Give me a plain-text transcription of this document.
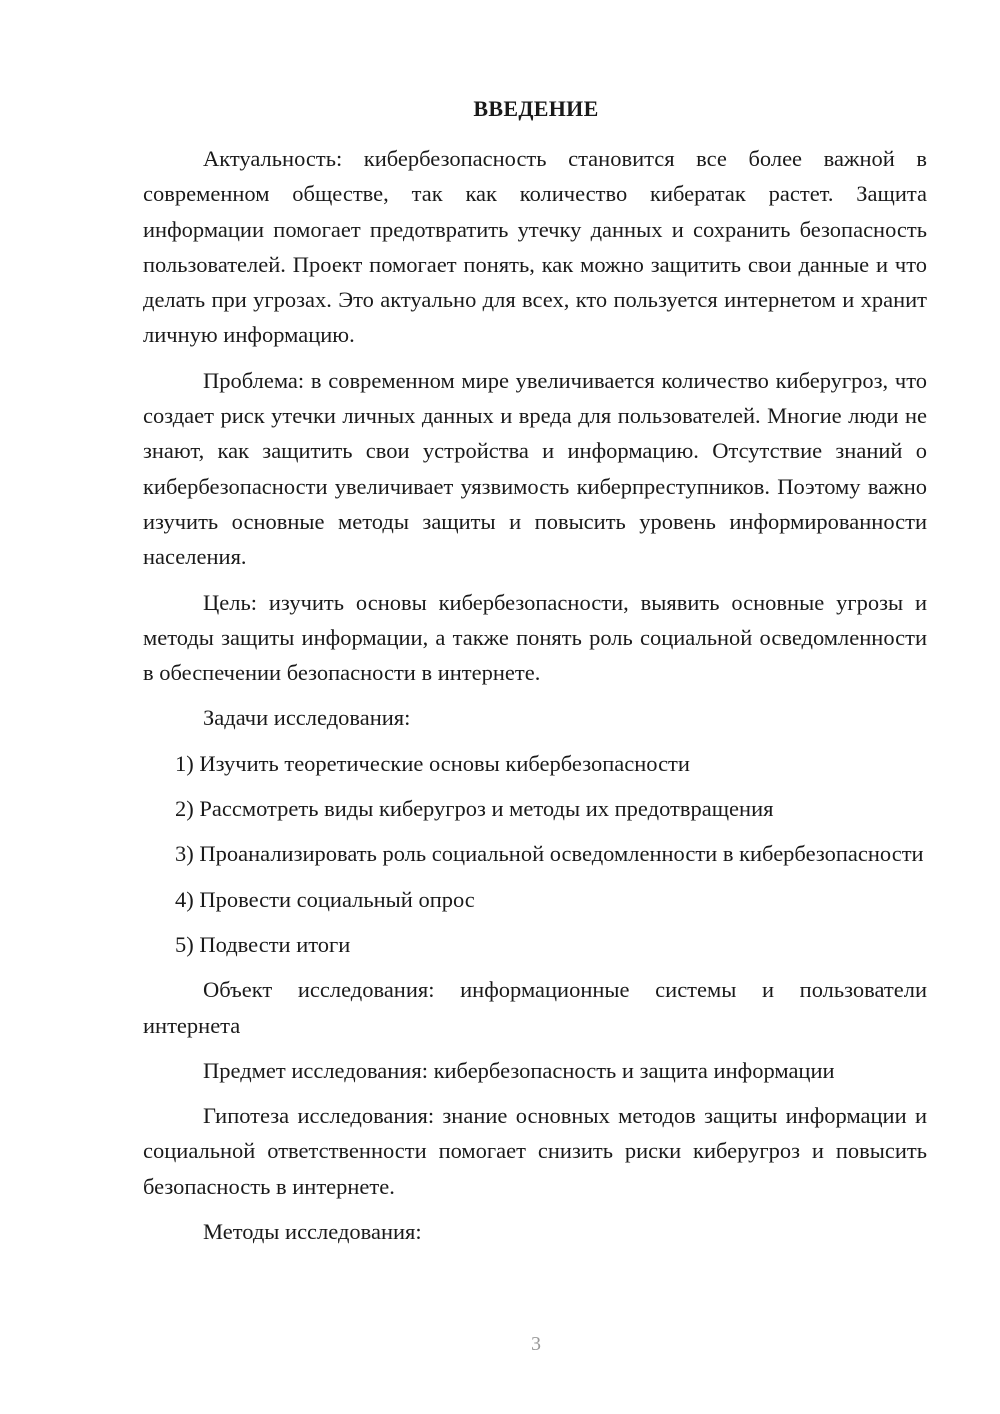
ВВЕДЕНИЕ

Актуальность: кибербезопасность становится все более важной в современном обществе, так как количество кибератак растет. Защита информации помогает предотвратить утечку данных и сохранить безопасность пользователей. Проект помогает понять, как можно защитить свои данные и что делать при угрозах. Это актуально для всех, кто пользуется интернетом и хранит личную информацию.

Проблема: в современном мире увеличивается количество киберугроз, что создает риск утечки личных данных и вреда для пользователей. Многие люди не знают, как защитить свои устройства и информацию. Отсутствие знаний о кибербезопасности увеличивает уязвимость киберпреступников. Поэтому важно изучить основные методы защиты и повысить уровень информированности населения.

Цель: изучить основы кибербезопасности, выявить основные угрозы и методы защиты информации, а также понять роль социальной осведомленности в обеспечении безопасности в интернете.

Задачи исследования:

1) Изучить теоретические основы кибербезопасности

2) Рассмотреть виды киберугроз и методы их предотвращения

3) Проанализировать роль социальной осведомленности в кибербезопасности

4) Провести социальный опрос

5) Подвести итоги

Объект исследования: информационные системы и пользователи интернета

Предмет исследования: кибербезопасность и защита информации

Гипотеза исследования: знание основных методов защиты информации и социальной ответственности помогает снизить риски киберугроз и повысить безопасность в интернете.

Методы исследования:

3
